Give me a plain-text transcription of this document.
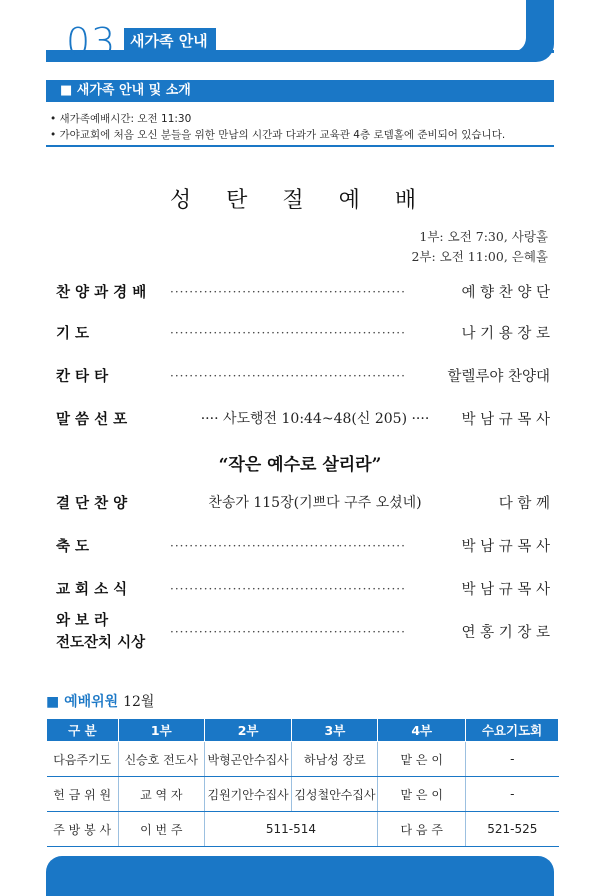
03 새가족 안내
■ 새가족 안내 및 소개
• 새가족예배시간: 오전 11:30
• 가야교회에 처음 오신 분들을 위한 만남의 시간과 다과가 교육관 4층 로뎀홀에 준비되어 있습니다.
성 탄 절 예 배
1부: 오전 7:30, 사랑홀
2부: 오전 11:00, 은혜홀
찬 양 과 경 배 ·················································	예 향 찬 양 단
기 도	·················································	나 기 용 장 로
칸 타 타	·················································	할렐루야 찬양대
말 씀 선 포	···· 사도행전 10:44~48(신 205) ····	박 남 규 목 사
“작은 예수로 살리라”
결 단 찬 양	찬송가 115장(기쁘다 구주 오셨네)	다 함 께
축 도	·················································	박 남 규 목 사
교 회 소 식	·················································	박 남 규 목 사
와 보 라
전도잔치 시상
·················································	연 홍 기 장 로
■ 예배위원 12월
구 분	1부	2부	3부	4부	수요기도회
다음주기도	신승호 전도사	박형곤안수집사	하남성 장로	맡 은 이	-
헌 금 위 원	교 역 자	김원기안수집사	김성철안수집사	맡 은 이	-
주 방 봉 사	이 번 주	511-514		다 음 주	521-525
